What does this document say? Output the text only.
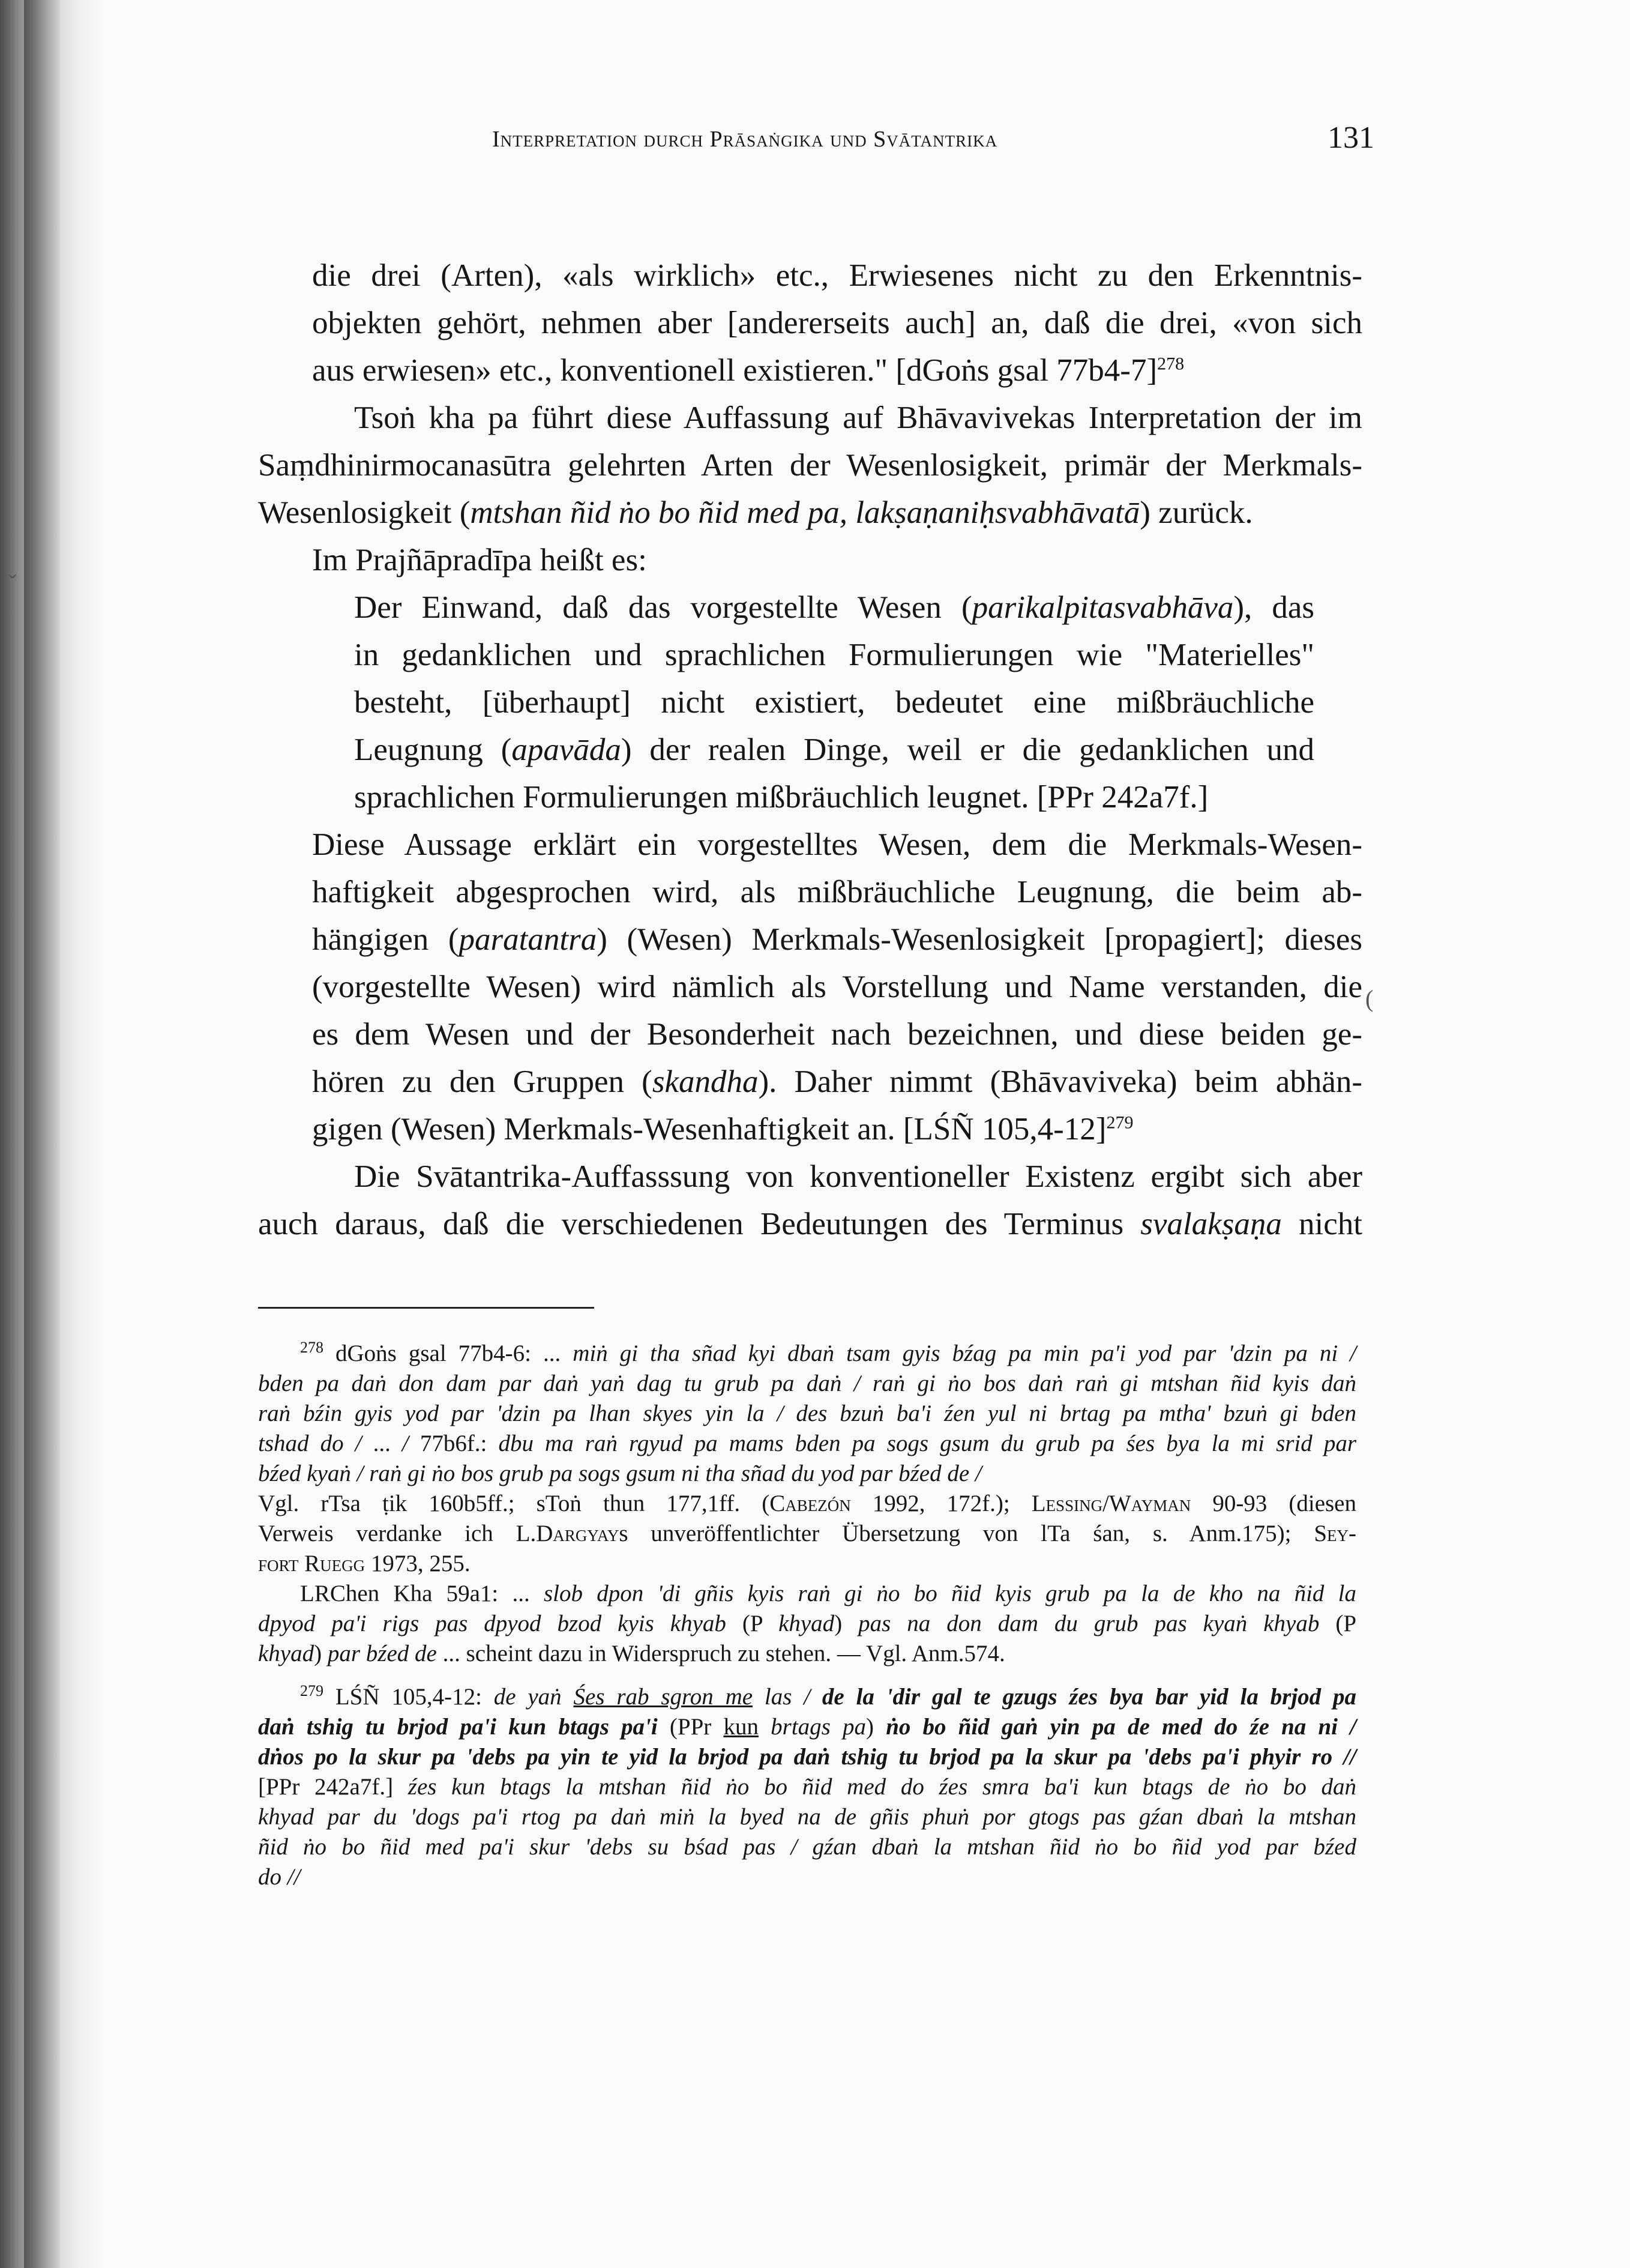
Interpretation durch Prāsaṅgika und Svātantrika	131
die drei (Arten), «als wirklich» etc., Erwiesenes nicht zu den Erkenntnis-
objekten gehört, nehmen aber [andererseits auch] an, daß die drei, «von sich
aus erwiesen» etc., konventionell existieren." [dGoṅs gsal 77b4-7]$^{278}$
Tsoṅ kha pa führt diese Auffassung auf Bhāvavivekas Interpretation der im
Saṃdhinirmocanasūtra gelehrten Arten der Wesenlosigkeit, primär der Merkmals-
Wesenlosigkeit (mtshan ñid ṅo bo ñid med pa, lakṣaṇaniḥsvabhāvatā) zurück.
Im Prajñāpradīpa heißt es:
Der Einwand, daß das vorgestellte Wesen (parikalpitasvabhāva), das
in gedanklichen und sprachlichen Formulierungen wie "Materielles"
besteht, [überhaupt] nicht existiert, bedeutet eine mißbräuchliche
Leugnung (apavāda) der realen Dinge, weil er die gedanklichen und
sprachlichen Formulierungen mißbräuchlich leugnet. [PPr 242a7f.]
Diese Aussage erklärt ein vorgestelltes Wesen, dem die Merkmals-Wesen-
haftigkeit abgesprochen wird, als mißbräuchliche Leugnung, die beim ab-
hängigen (paratantra) (Wesen) Merkmals-Wesenlosigkeit [propagiert]; dieses
(vorgestellte Wesen) wird nämlich als Vorstellung und Name verstanden, die
es dem Wesen und der Besonderheit nach bezeichnen, und diese beiden ge-
hören zu den Gruppen (skandha). Daher nimmt (Bhāvaviveka) beim abhän-
gigen (Wesen) Merkmals-Wesenhaftigkeit an. [LŚÑ 105,4-12]$^{279}$
Die Svātantrika-Auffasssung von konventioneller Existenz ergibt sich aber
auch daraus, daß die verschiedenen Bedeutungen des Terminus svalakṣaṇa nicht
$^{278}$ dGoṅs gsal 77b4-6: ... miṅ gi tha sñad kyi dbaṅ tsam gyis bźag pa min pa'i yod par 'dzin pa ni /
bden pa daṅ don dam par daṅ yaṅ dag tu grub pa daṅ / raṅ gi ṅo bos daṅ raṅ gi mtshan ñid kyis daṅ
raṅ bźin gyis yod par 'dzin pa lhan skyes yin la / des bzuṅ ba'i źen yul ni brtag pa mtha' bzuṅ gi bden
tshad do / ... / 77b6f.: dbu ma raṅ rgyud pa mams bden pa sogs gsum du grub pa śes bya la mi srid par
bźed kyaṅ / raṅ gi ṅo bos grub pa sogs gsum ni tha sñad du yod par bźed de /
Vgl. rTsa ṭik 160b5ff.; sToṅ thun 177,1ff. (Cabezón 1992, 172f.); Lessing/Wayman 90-93 (diesen
Verweis verdanke ich L.Dargyays unveröffentlichter Übersetzung von lTa śan, s. Anm.175); Sey-
fort Ruegg 1973, 255.
LRChen Kha 59a1: ... slob dpon 'di gñis kyis raṅ gi ṅo bo ñid kyis grub pa la de kho na ñid la
dpyod pa'i rigs pas dpyod bzod kyis khyab (P khyad) pas na don dam du grub pas kyaṅ khyab (P
khyad) par bźed de ... scheint dazu in Widerspruch zu stehen. — Vgl. Anm.574.
$^{279}$ LŚÑ 105,4-12: de yaṅ Śes rab sgron me las / de la 'dir gal te gzugs źes bya bar yid la brjod pa
daṅ tshig tu brjod pa'i kun btags pa'i (PPr kun brtags pa) ṅo bo ñid gaṅ yin pa de med do źe na ni /
dṅos po la skur pa 'debs pa yin te yid la brjod pa daṅ tshig tu brjod pa la skur pa 'debs pa'i phyir ro //
[PPr 242a7f.] źes kun btags la mtshan ñid ṅo bo ñid med do źes smra ba'i kun btags de ṅo bo daṅ
khyad par du 'dogs pa'i rtog pa daṅ miṅ la byed na de gñis phuṅ por gtogs pas gźan dbaṅ la mtshan
ñid ṅo bo ñid med pa'i skur 'debs su bśad pas / gźan dbaṅ la mtshan ñid ṅo bo ñid yod par bźed
do //
ˇ
(
